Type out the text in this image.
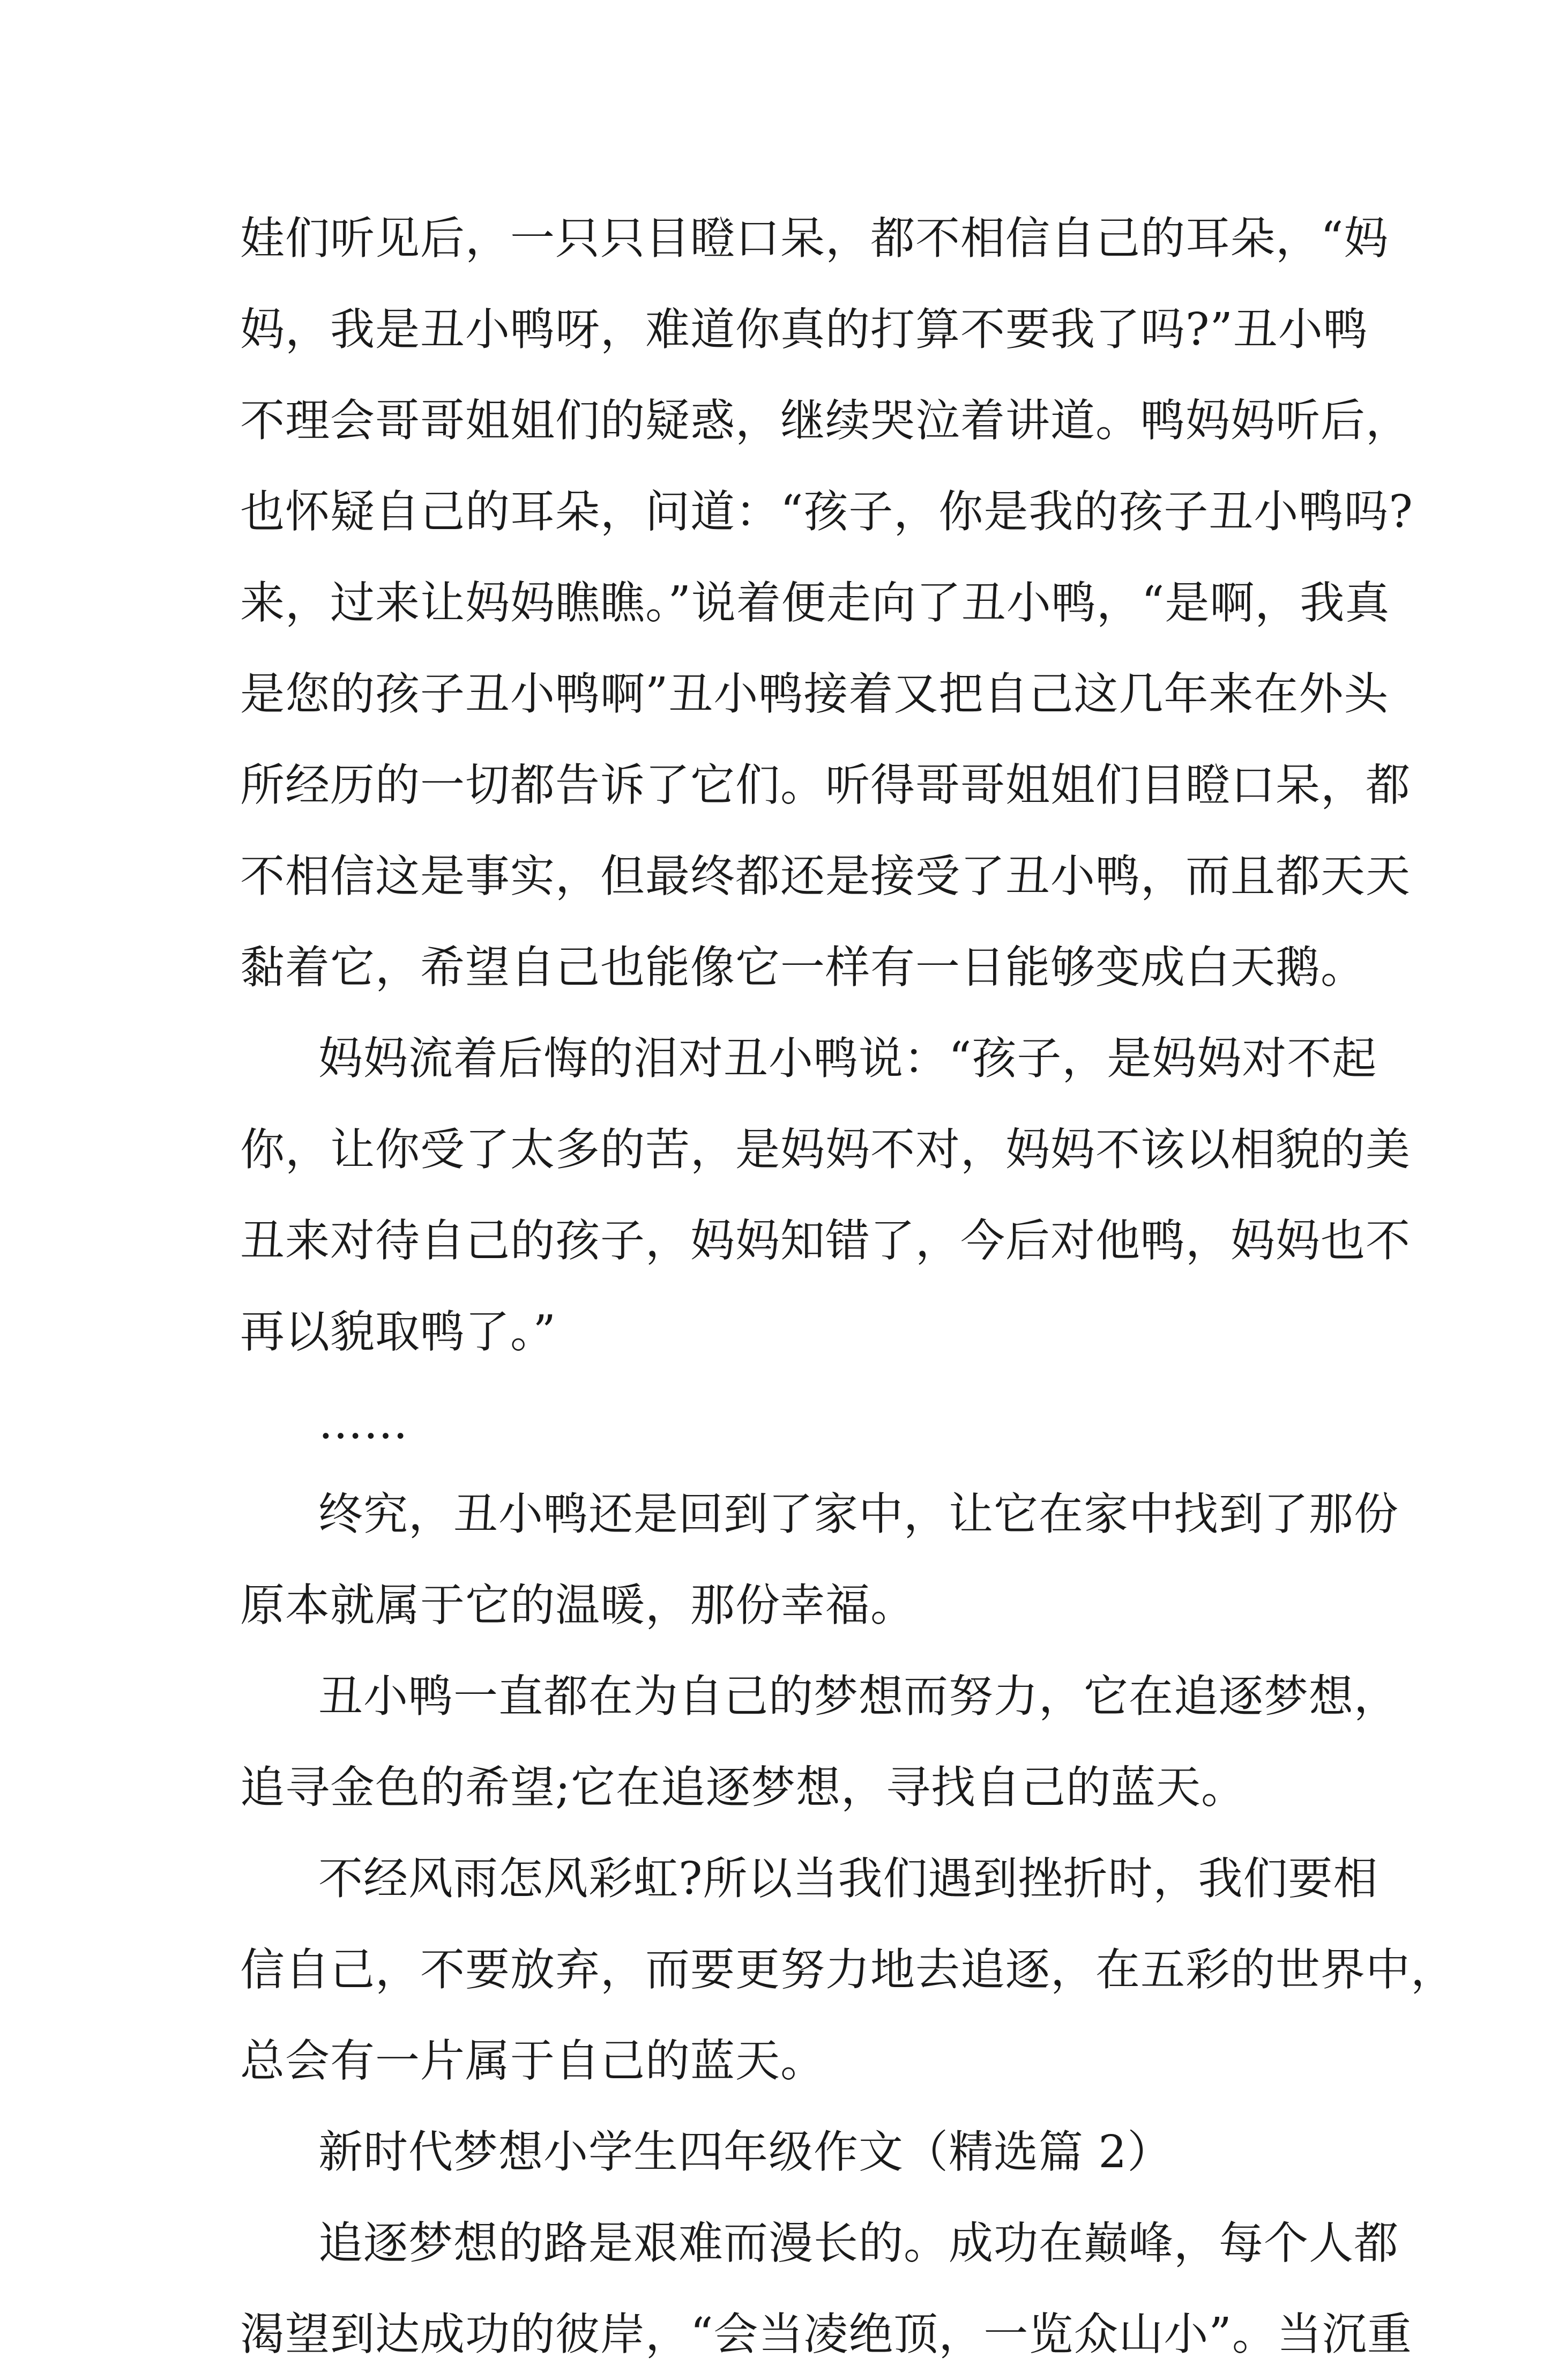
娃们听见后，一只只目瞪口呆，都不相信自己的耳朵，“妈
妈，我是丑小鸭呀，难道你真的打算不要我了吗?”丑小鸭
不理会哥哥姐姐们的疑惑，继续哭泣着讲道。鸭妈妈听后，
也怀疑自己的耳朵，问道：“孩子，你是我的孩子丑小鸭吗?
来，过来让妈妈瞧瞧。”说着便走向了丑小鸭，“是啊，我真
是您的孩子丑小鸭啊”丑小鸭接着又把自己这几年来在外头
所经历的一切都告诉了它们。听得哥哥姐姐们目瞪口呆，都
不相信这是事实，但最终都还是接受了丑小鸭，而且都天天
黏着它，希望自己也能像它一样有一日能够变成白天鹅。
妈妈流着后悔的泪对丑小鸭说：“孩子，是妈妈对不起
你，让你受了太多的苦，是妈妈不对，妈妈不该以相貌的美
丑来对待自己的孩子，妈妈知错了，今后对他鸭，妈妈也不
再以貌取鸭了。”
……
终究，丑小鸭还是回到了家中，让它在家中找到了那份
原本就属于它的温暖，那份幸福。
丑小鸭一直都在为自己的梦想而努力，它在追逐梦想，
追寻金色的希望;它在追逐梦想，寻找自己的蓝天。
不经风雨怎风彩虹?所以当我们遇到挫折时，我们要相
信自己，不要放弃，而要更努力地去追逐，在五彩的世界中，
总会有一片属于自己的蓝天。
新时代梦想小学生四年级作文（精选篇 2）
追逐梦想的路是艰难而漫长的。成功在巅峰，每个人都
渴望到达成功的彼岸，“会当凌绝顶，一览众山小”。当沉重
